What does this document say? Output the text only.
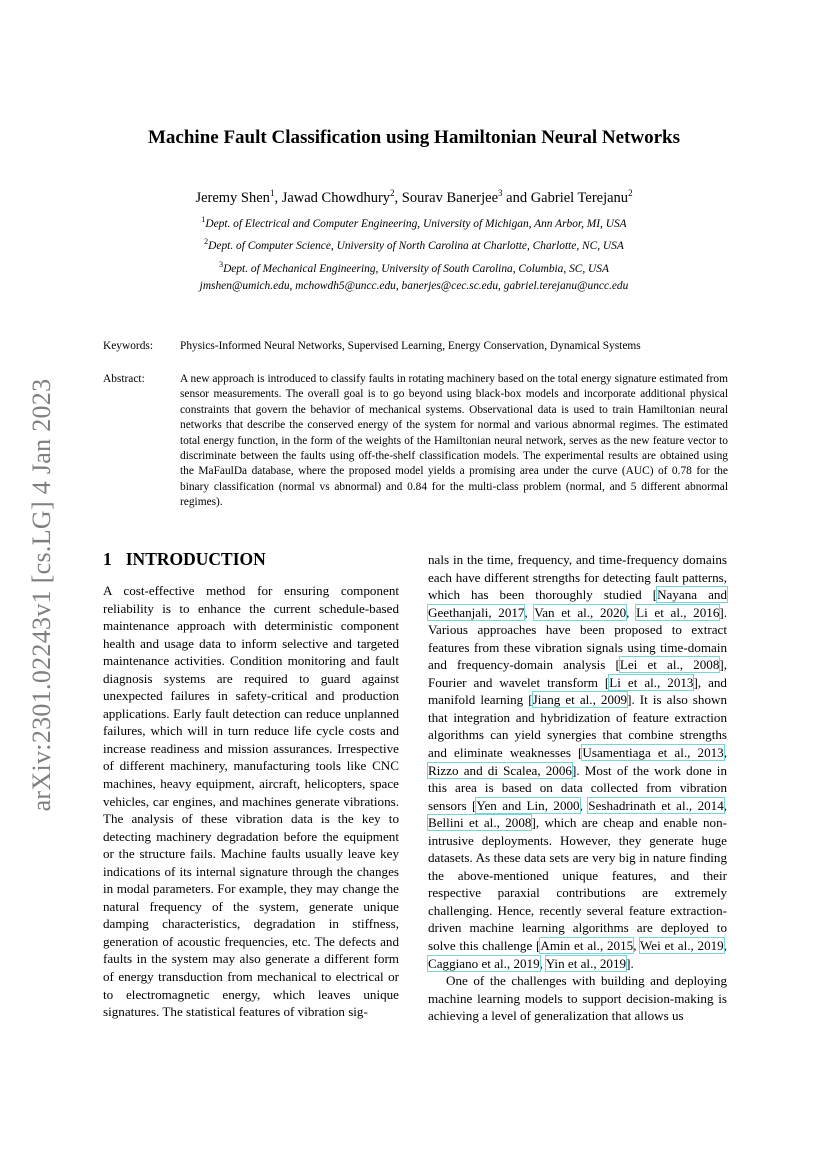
arXiv:2301.02243v1 [cs.LG] 4 Jan 2023
Machine Fault Classification using Hamiltonian Neural Networks
Jeremy Shen$^1$, Jawad Chowdhury$^2$, Sourav Banerjee$^3$ and Gabriel Terejanu$^2$
$^1$Dept. of Electrical and Computer Engineering, University of Michigan, Ann Arbor, MI, USA
$^2$Dept. of Computer Science, University of North Carolina at Charlotte, Charlotte, NC, USA
$^3$Dept. of Mechanical Engineering, University of South Carolina, Columbia, SC, USA
jmshen@umich.edu, mchowdh5@uncc.edu, banerjes@cec.sc.edu, gabriel.terejanu@uncc.edu
Keywords: Physics-Informed Neural Networks, Supervised Learning, Energy Conservation, Dynamical Systems
Abstract:	A new approach is introduced to classify faults in rotating machinery based on the total energy signature estimated from sensor measurements. The overall goal is to go beyond using black-box models and incorporate additional physical constraints that govern the behavior of mechanical systems. Observational data is used to train Hamiltonian neural networks that describe the conserved energy of the system for normal and various abnormal regimes. The estimated total energy function, in the form of the weights of the Hamiltonian neural network, serves as the new feature vector to discriminate between the faults using off-the-shelf classification models. The experimental results are obtained using the MaFaulDa database, where the proposed model yields a promising area under the curve (AUC) of 0.78 for the binary classification (normal vs abnormal) and 0.84 for the multi-class problem (normal, and 5 different abnormal regimes).
1 INTRODUCTION

A cost-effective method for ensuring component reliability is to enhance the current schedule-based maintenance approach with deterministic component health and usage data to inform selective and targeted maintenance activities. Condition monitoring and fault diagnosis systems are required to guard against unexpected failures in safety-critical and production applications. Early fault detection can reduce unplanned failures, which will in turn reduce life cycle costs and increase readiness and mission assurances. Irrespective of different machinery, manufacturing tools like CNC machines, heavy equipment, aircraft, helicopters, space vehicles, car engines, and machines generate vibrations. The analysis of these vibration data is the key to detecting machinery degradation before the equipment or the structure fails. Machine faults usually leave key indications of its internal signature through the changes in modal parameters. For example, they may change the natural frequency of the system, generate unique damping characteristics, degradation in stiffness, generation of acoustic frequencies, etc. The defects and faults in the system may also generate a different form of energy transduction from mechanical to electrical or to electromagnetic energy, which leaves unique signatures. The statistical features of vibration sig-

nals in the time, frequency, and time-frequency domains each have different strengths for detecting fault patterns, which has been thoroughly studied [Nayana and Geethanjali, 2017, Van et al., 2020, Li et al., 2016]. Various approaches have been proposed to extract features from these vibration signals using time-domain and frequency-domain analysis [Lei et al., 2008], Fourier and wavelet transform [Li et al., 2013], and manifold learning [Jiang et al., 2009]. It is also shown that integration and hybridization of feature extraction algorithms can yield synergies that combine strengths and eliminate weaknesses [Usamentiaga et al., 2013, Rizzo and di Scalea, 2006]. Most of the work done in this area is based on data collected from vibration sensors [Yen and Lin, 2000, Seshadrinath et al., 2014, Bellini et al., 2008], which are cheap and enable non-intrusive deployments. However, they generate huge datasets. As these data sets are very big in nature finding the above-mentioned unique features, and their respective paraxial contributions are extremely challenging. Hence, recently several feature extraction-driven machine learning algorithms are deployed to solve this challenge [Amin et al., 2015, Wei et al., 2019, Caggiano et al., 2019, Yin et al., 2019].

One of the challenges with building and deploying machine learning models to support decision-making is achieving a level of generalization that allows us
